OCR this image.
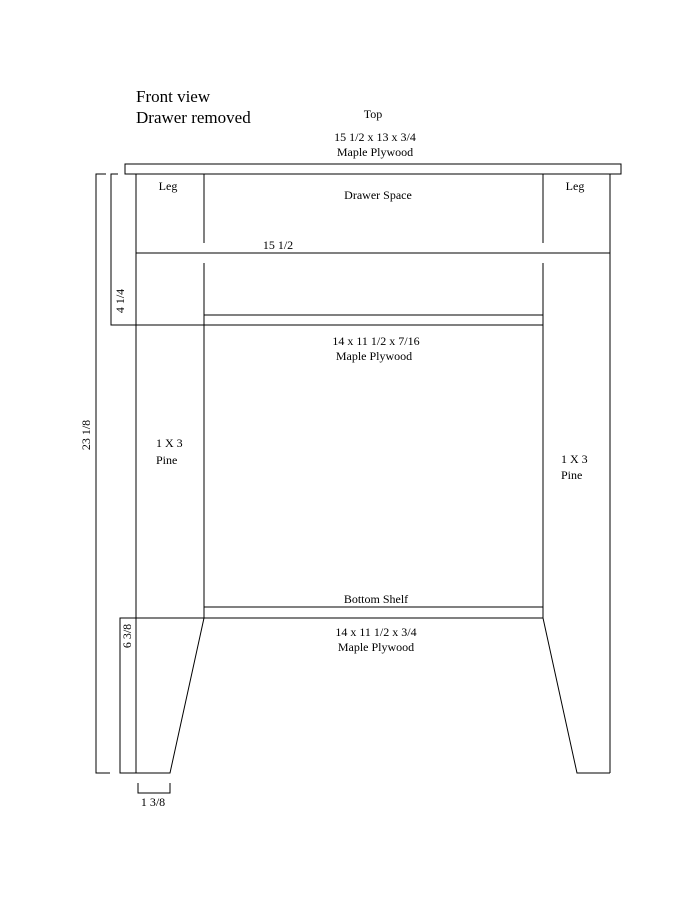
Front view
Drawer removed	Top
15 1/2 x 13 x 3/4
Maple Plywood
Leg	Leg
1 X 3
Pine	1 X 3
Pine
Drawer Space
15 1/2
14 x 11 1/2 x 7/16
Maple Plywood
Bottom Shelf
14 x 11 1/2 x 3/4
Maple Plywood
23 1/8
4 1/4
6 3/8
1 3/8
